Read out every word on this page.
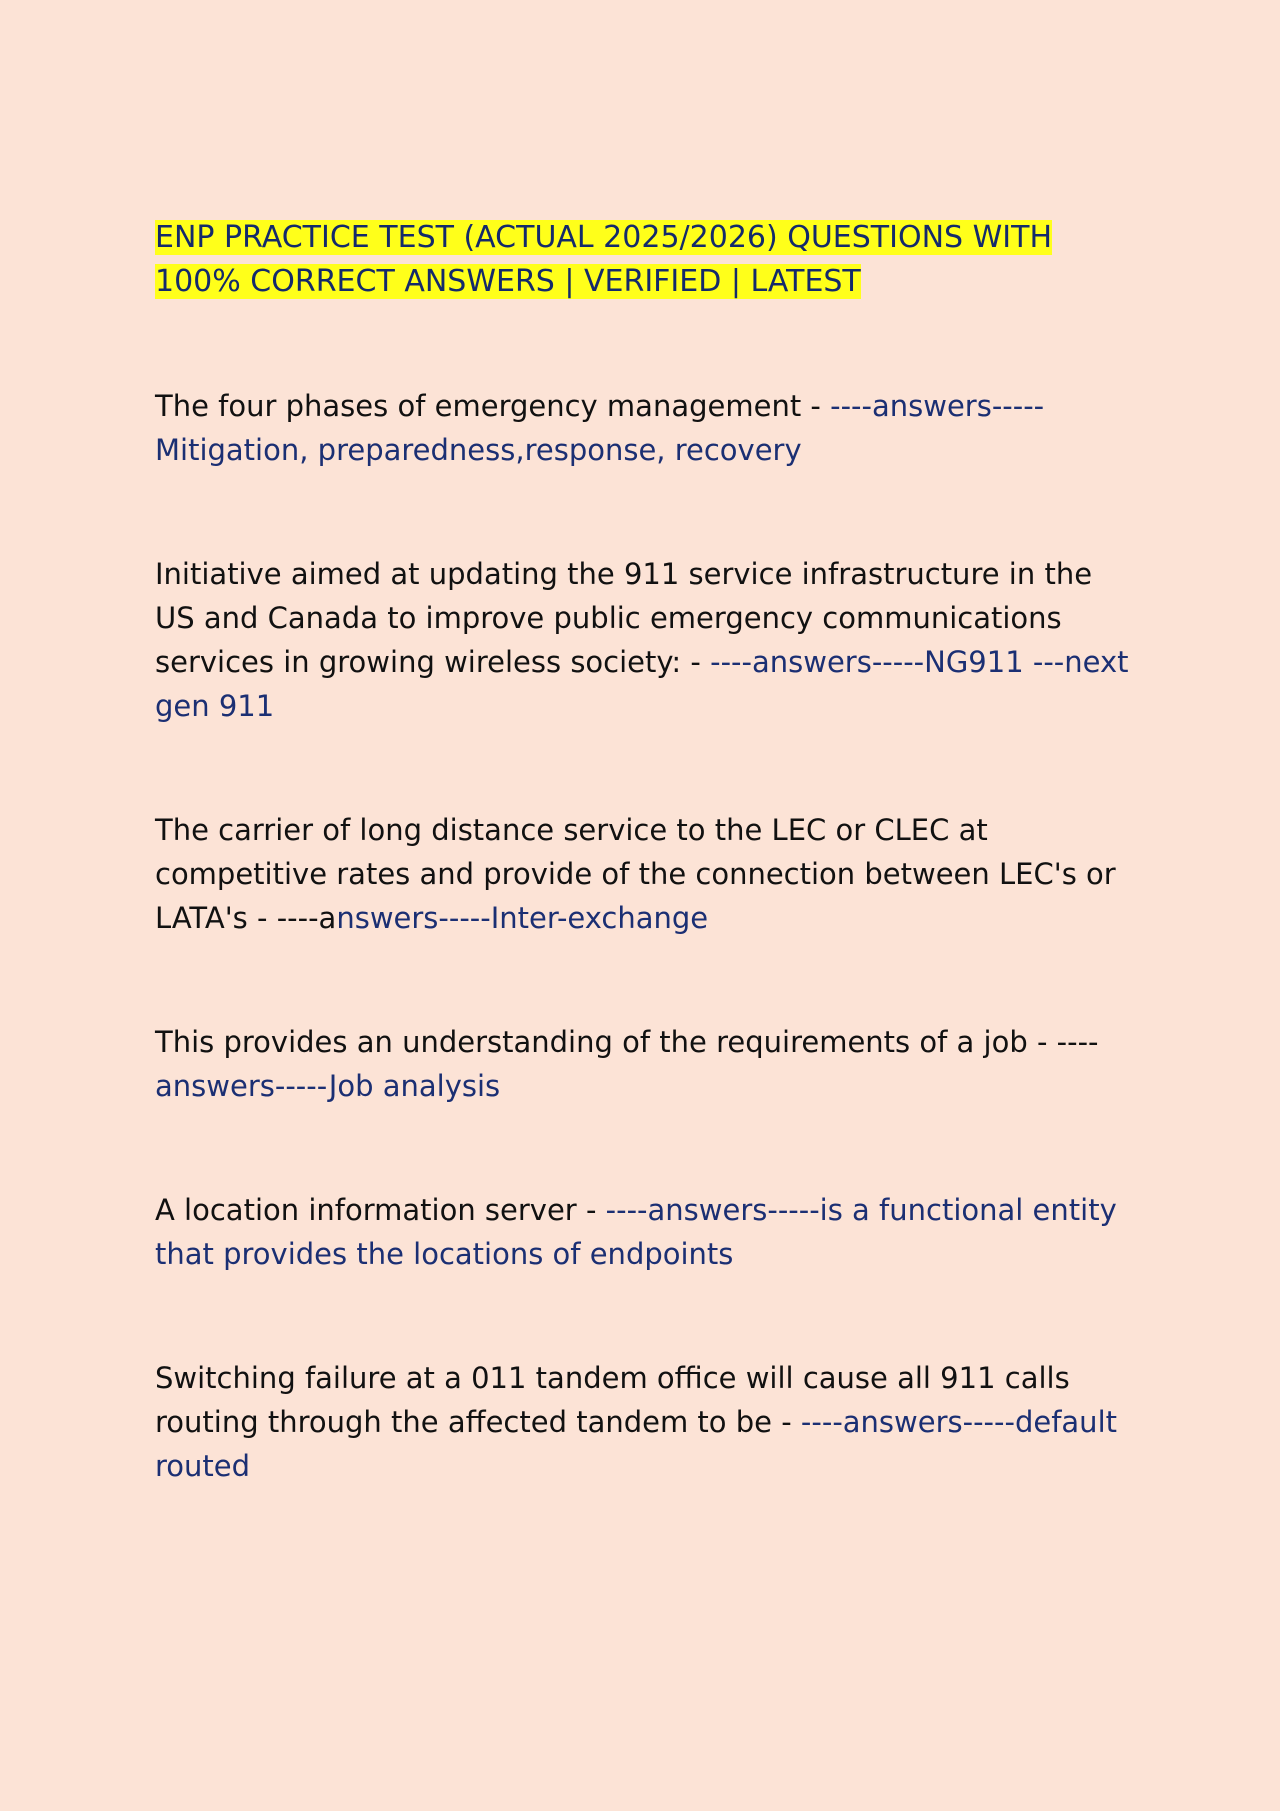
ENP PRACTICE TEST (ACTUAL 2025/2026) QUESTIONS WITH 100% CORRECT ANSWERS | VERIFIED | LATEST

The four phases of emergency management - ----answers-----Mitigation, preparedness,response, recovery

Initiative aimed at updating the 911 service infrastructure in the US and Canada to improve public emergency communications services in growing wireless society: - ----answers-----NG911 ---next gen 911

The carrier of long distance service to the LEC or CLEC at competitive rates and provide of the connection between LEC's or LATA's - ----answers-----Inter-exchange

This provides an understanding of the requirements of a job - ----answers-----Job analysis

A location information server - ----answers-----is a functional entity that provides the locations of endpoints

Switching failure at a 011 tandem office will cause all 911 calls routing through the affected tandem to be - ----answers-----default routed
